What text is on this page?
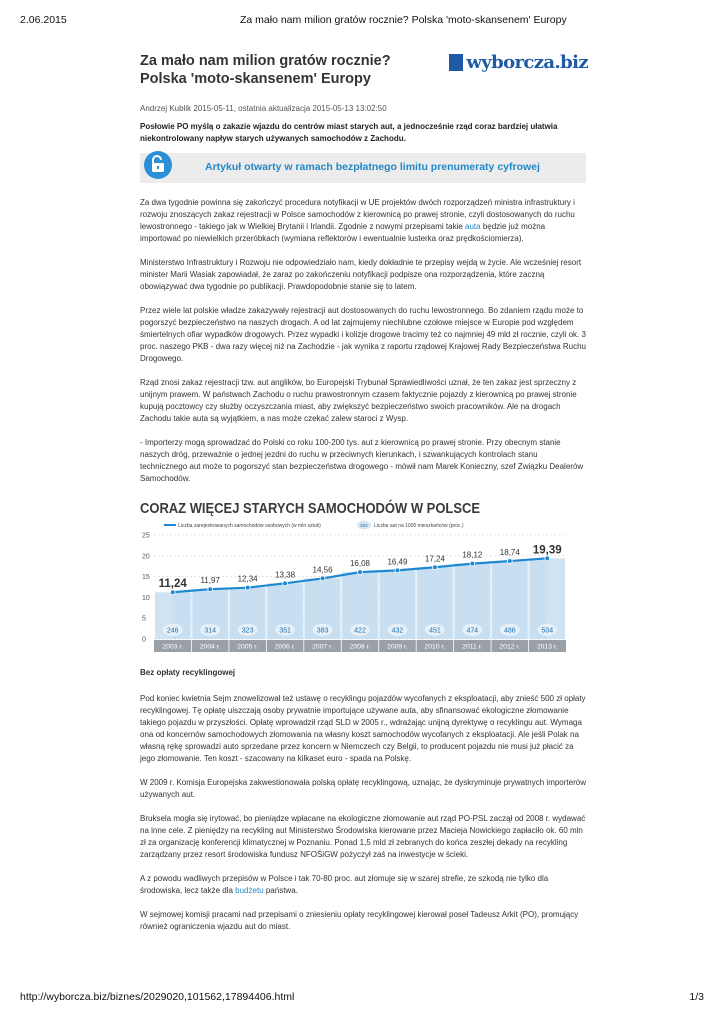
2.06.2015	Za mało nam milion gratów rocznie? Polska 'moto-skansenem' Europy
Za mało nam milion gratów rocznie? Polska 'moto-skansenem' Europy
wyborcza.biz
Andrzej Kublik 2015-05-11, ostatnia aktualizacja 2015-05-13 13:02:50
Posłowie PO myślą o zakazie wjazdu do centrów miast starych aut, a jednocześnie rząd coraz bardziej ułatwia niekontrolowany napływ starych używanych samochodów z Zachodu.
Artykuł otwarty w ramach bezpłatnego limitu prenumeraty cyfrowej

Za dwa tygodnie powinna się zakończyć procedura notyfikacji w UE projektów dwóch rozporządzeń ministra infrastruktury i rozwoju znoszących zakaz rejestracji w Polsce samochodów z kierownicą po prawej stronie, czyli dostosowanych do ruchu lewostronnego - takiego jak w Wielkiej Brytanii i Irlandii. Zgodnie z nowymi przepisami takie auta będzie już można importować po niewielkich przeróbkach (wymiana reflektorów i ewentualnie lusterka oraz prędkościomierza).

Ministerstwo Infrastruktury i Rozwoju nie odpowiedziało nam, kiedy dokładnie te przepisy wejdą w życie. Ale wcześniej resort minister Marii Wasiak zapowiadał, że zaraz po zakończeniu notyfikacji podpisze ona rozporządzenia, które zaczną obowiązywać dwa tygodnie po publikacji. Prawdopodobnie stanie się to latem.

Przez wiele lat polskie władze zakazywały rejestracji aut dostosowanych do ruchu lewostronnego. Bo zdaniem rządu może to pogorszyć bezpieczeństwo na naszych drogach. A od lat zajmujemy niechlubne czołowe miejsce w Europie pod względem śmiertelnych ofiar wypadków drogowych. Przez wypadki i kolizje drogowe tracimy też co najmniej 49 mld zł rocznie, czyli ok. 3 proc. naszego PKB - dwa razy więcej niż na Zachodzie - jak wynika z raportu rządowej Krajowej Rady Bezpieczeństwa Ruchu Drogowego.

Rząd znosi zakaz rejestracji tzw. aut anglików, bo Europejski Trybunał Sprawiedliwości uznał, że ten zakaz jest sprzeczny z unijnym prawem. W państwach Zachodu o ruchu prawostronnym czasem faktycznie pojazdy z kierownicą po prawej stronie kupują pocztowcy czy służby oczyszczania miast, aby zwiększyć bezpieczeństwo swoich pracowników. Ale na drogach Zachodu takie auta są wyjątkiem, a nas może czekać zalew staroci z Wysp.

- Importerzy mogą sprowadzać do Polski co roku 100-200 tys. aut z kierownicą po prawej stronie. Przy obecnym stanie naszych dróg, przeważnie o jednej jezdni do ruchu w przeciwnych kierunkach, i szwankujących kontrolach stanu technicznego aut może to pogorszyć stan bezpieczeństwa drogowego - mówił nam Marek Konieczny, szef Związku Dealerów Samochodów.

CORAZ WIĘCEJ STARYCH SAMOCHODÓW W POLSCE
Liczba zarejestrowanych samochodów osobowych (w mln sztuk)	504 Liczba aut na 1000 mieszkańców (proc.)
25
20
15
10
5
0
11,24 11,97 12,34 13,38
14,56
16,08 16,49 17,24 18,12 18,74 19,39
246	314	323	351	383	422	432	451	474	486	504
2003 r. 2004 r. 2005 r. 2006 r. 2007 r. 2008 r. 2009 r. 2010 r. 2011 r. 2012 r. 2013 r.

Bez opłaty recyklingowej

Pod koniec kwietnia Sejm znowelizował też ustawę o recyklingu pojazdów wycofanych z eksploatacji, aby znieść 500 zł opłaty recyklingowej. Tę opłatę uiszczają osoby prywatnie importujące używane auta, aby sfinansować ekologiczne złomowanie takiego pojazdu w przyszłości. Opłatę wprowadził rząd SLD w 2005 r., wdrażając unijną dyrektywę o recyklingu aut. Wymaga ona od koncernów samochodowych złomowania na własny koszt samochodów wycofanych z eksploatacji. Ale jeśli Polak na własną rękę sprowadzi auto sprzedane przez koncern w Niemczech czy Belgii, to producent pojazdu nie musi już płacić za jego złomowanie. Ten koszt - szacowany na kilkaset euro - spada na Polskę.

W 2009 r. Komisja Europejska zakwestionowała polską opłatę recyklingową, uznając, że dyskryminuje prywatnych importerów używanych aut.

Bruksela mogła się irytować, bo pieniądze wpłacane na ekologiczne złomowanie aut rząd PO-PSL zaczął od 2008 r. wydawać na inne cele. Z pieniędzy na recykling aut Ministerstwo Środowiska kierowane przez Macieja Nowickiego zapłaciło ok. 60 mln zł za organizację konferencji klimatycznej w Poznaniu. Ponad 1,5 mld zł zebranych do końca zeszłej dekady na recykling zarządzany przez resort środowiska fundusz NFOŚiGW pożyczył zaś na inwestycje w ścieki.

A z powodu wadliwych przepisów w Polsce i tak 70-80 proc. aut złomuje się w szarej strefie, ze szkodą nie tylko dla środowiska, lecz także dla budżetu państwa.

W sejmowej komisji pracami nad przepisami o zniesieniu opłaty recyklingowej kierował poseł Tadeusz Arkit (PO), promujący również ograniczenia wjazdu aut do miast.

http://wyborcza.biz/biznes/2029020,101562,17894406.html	1/3
